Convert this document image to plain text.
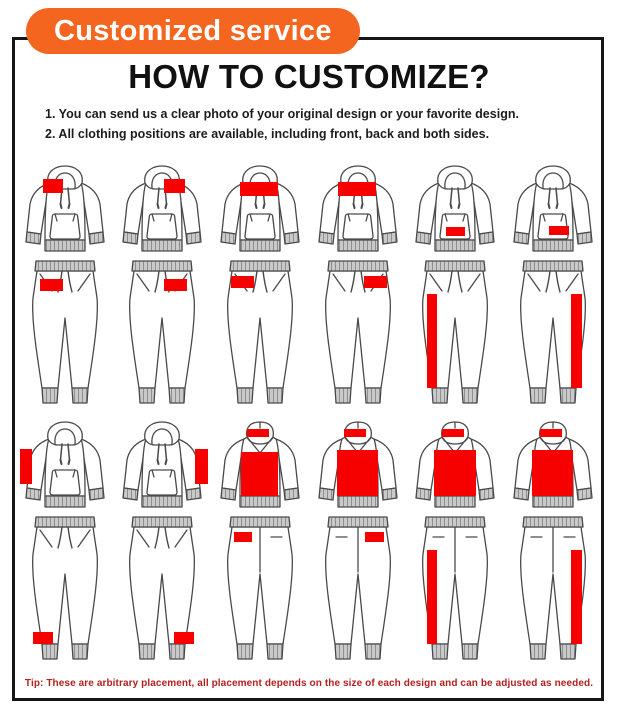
Customized service
HOW TO CUSTOMIZE?
1. You can send us a clear photo of your original design or your favorite design.
2. All clothing positions are available, including front, back and both sides.
Tip: These are arbitrary placement, all placement depends on the size of each design and can be adjusted as needed.
